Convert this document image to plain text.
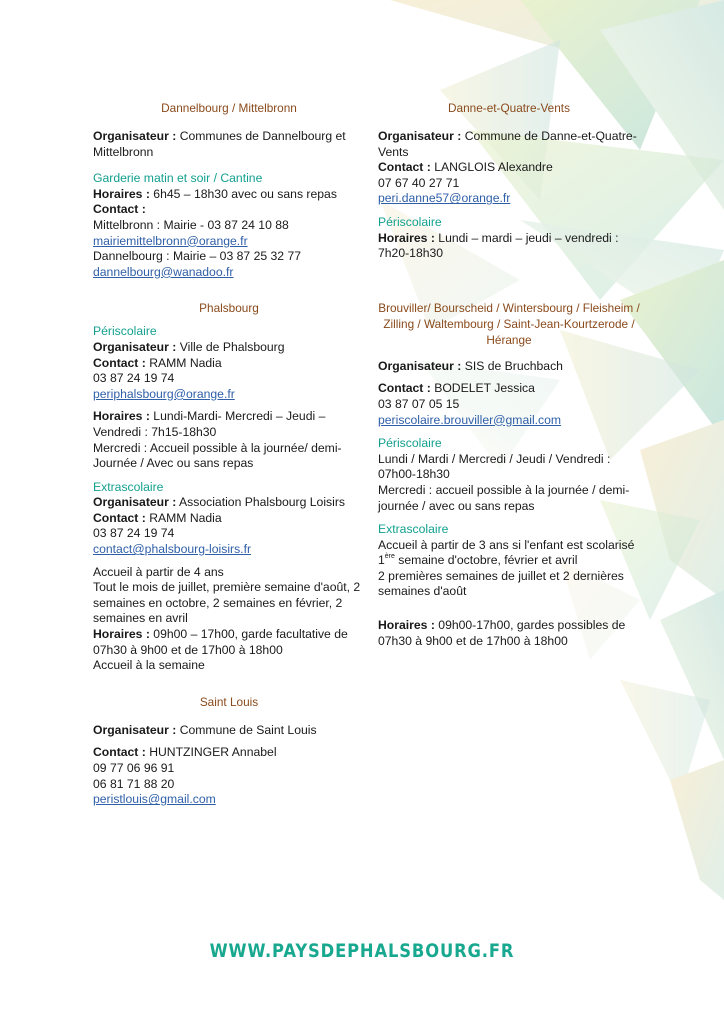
Dannelbourg / Mittelbronn
Organisateur : Communes de Dannelbourg et Mittelbronn
Garderie matin et soir / Cantine
Horaires : 6h45 – 18h30 avec ou sans repas
Contact :
Mittelbronn : Mairie - 03 87 24 10 88
mairiemittelbronn@orange.fr
Dannelbourg : Mairie – 03 87 25 32 77
dannelbourg@wanadoo.fr
Phalsbourg
Périscolaire
Organisateur : Ville de Phalsbourg
Contact : RAMM Nadia
03 87 24 19 74
periphalsbourg@orange.fr
Horaires : Lundi-Mardi- Mercredi – Jeudi – Vendredi : 7h15-18h30
Mercredi : Accueil possible à la journée/ demi-Journée / Avec ou sans repas
Extrascolaire
Organisateur : Association Phalsbourg Loisirs
Contact : RAMM Nadia
03 87 24 19 74
contact@phalsbourg-loisirs.fr
Accueil à partir de 4 ans
Tout le mois de juillet, première semaine d'août, 2 semaines en octobre, 2 semaines en février, 2 semaines en avril
Horaires : 09h00 – 17h00, garde facultative de 07h30 à 9h00 et de 17h00 à 18h00
Accueil à la semaine
Saint Louis
Organisateur : Commune de Saint Louis
Contact : HUNTZINGER Annabel
09 77 06 96 91
06 81 71 88 20
peristlouis@gmail.com
Danne-et-Quatre-Vents
Organisateur : Commune de Danne-et-Quatre-Vents
Contact : LANGLOIS Alexandre
07 67 40 27 71
peri.danne57@orange.fr
Périscolaire
Horaires : Lundi – mardi – jeudi – vendredi : 7h20-18h30
Brouviller/ Bourscheid / Wintersbourg / Fleisheim / Zilling / Waltembourg / Saint-Jean-Kourtzerode / Hérange
Organisateur : SIS de Bruchbach
Contact : BODELET Jessica
03 87 07 05 15
periscolaire.brouviller@gmail.com
Périscolaire
Lundi / Mardi / Mercredi / Jeudi / Vendredi : 07h00-18h30
Mercredi : accueil possible à la journée / demi-journée / avec ou sans repas
Extrascolaire
Accueil à partir de 3 ans si l'enfant est scolarisé
1ère semaine d'octobre, février et avril
2 premières semaines de juillet et 2 dernières semaines d'août
Horaires : 09h00-17h00, gardes possibles de 07h30 à 9h00 et de 17h00 à 18h00
WWW.PAYSDEPHALSBOURG.FR
